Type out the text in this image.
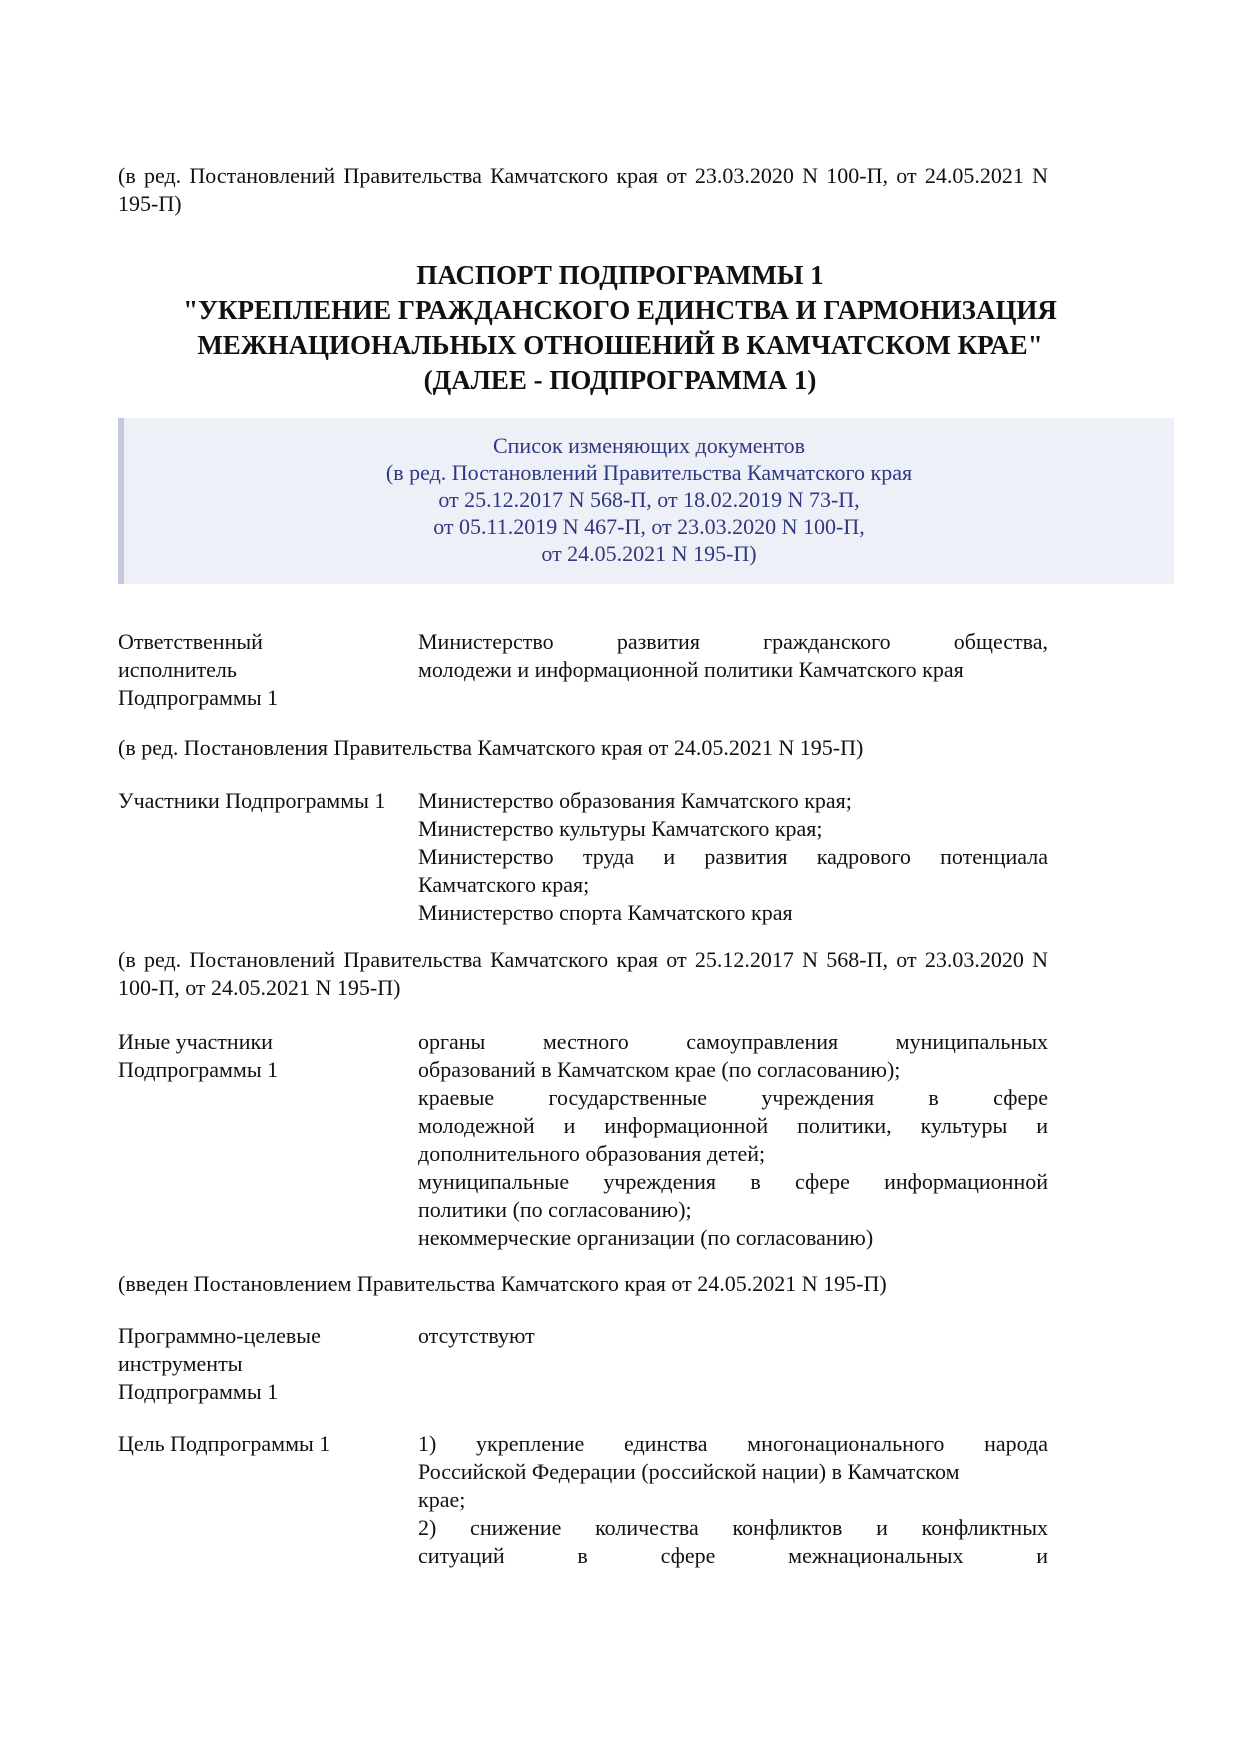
(в ред. Постановлений Правительства Камчатского края от 23.03.2020 N 100-П, от 24.05.2021 N 195-П)
ПАСПОРТ ПОДПРОГРАММЫ 1
"УКРЕПЛЕНИЕ ГРАЖДАНСКОГО ЕДИНСТВА И ГАРМОНИЗАЦИЯ
МЕЖНАЦИОНАЛЬНЫХ ОТНОШЕНИЙ В КАМЧАТСКОМ КРАЕ"
(ДАЛЕЕ - ПОДПРОГРАММА 1)
Список изменяющих документов
(в ред. Постановлений Правительства Камчатского края
от 25.12.2017 N 568-П, от 18.02.2019 N 73-П,
от 05.11.2019 N 467-П, от 23.03.2020 N 100-П,
от 24.05.2021 N 195-П)
Ответственный исполнитель Подпрограммы 1
Министерство развития гражданского общества,
молодежи и информационной политики Камчатского края
(в ред. Постановления Правительства Камчатского края от 24.05.2021 N 195-П)
Участники Подпрограммы 1	Министерство образования Камчатского края;
Министерство культуры Камчатского края;
Министерство труда и развития кадрового потенциала
Камчатского края;
Министерство спорта Камчатского края
(в ред. Постановлений Правительства Камчатского края от 25.12.2017 N 568-П, от 23.03.2020 N 100-П, от 24.05.2021 N 195-П)
Иные участники Подпрограммы 1
органы местного самоуправления муниципальных
образований в Камчатском крае (по согласованию);
краевые государственные учреждения в сфере
молодежной и информационной политики, культуры и
дополнительного образования детей;
муниципальные учреждения в сфере информационной
политики (по согласованию);
некоммерческие организации (по согласованию)
(введен Постановлением Правительства Камчатского края от 24.05.2021 N 195-П)
Программно-целевые инструменты Подпрограммы 1
отсутствуют
Цель Подпрограммы 1	1) укрепление единства многонационального народа
Российской Федерации (российской нации) в Камчатском
крае;
2) снижение количества конфликтов и конфликтных
ситуаций в сфере межнациональных и
